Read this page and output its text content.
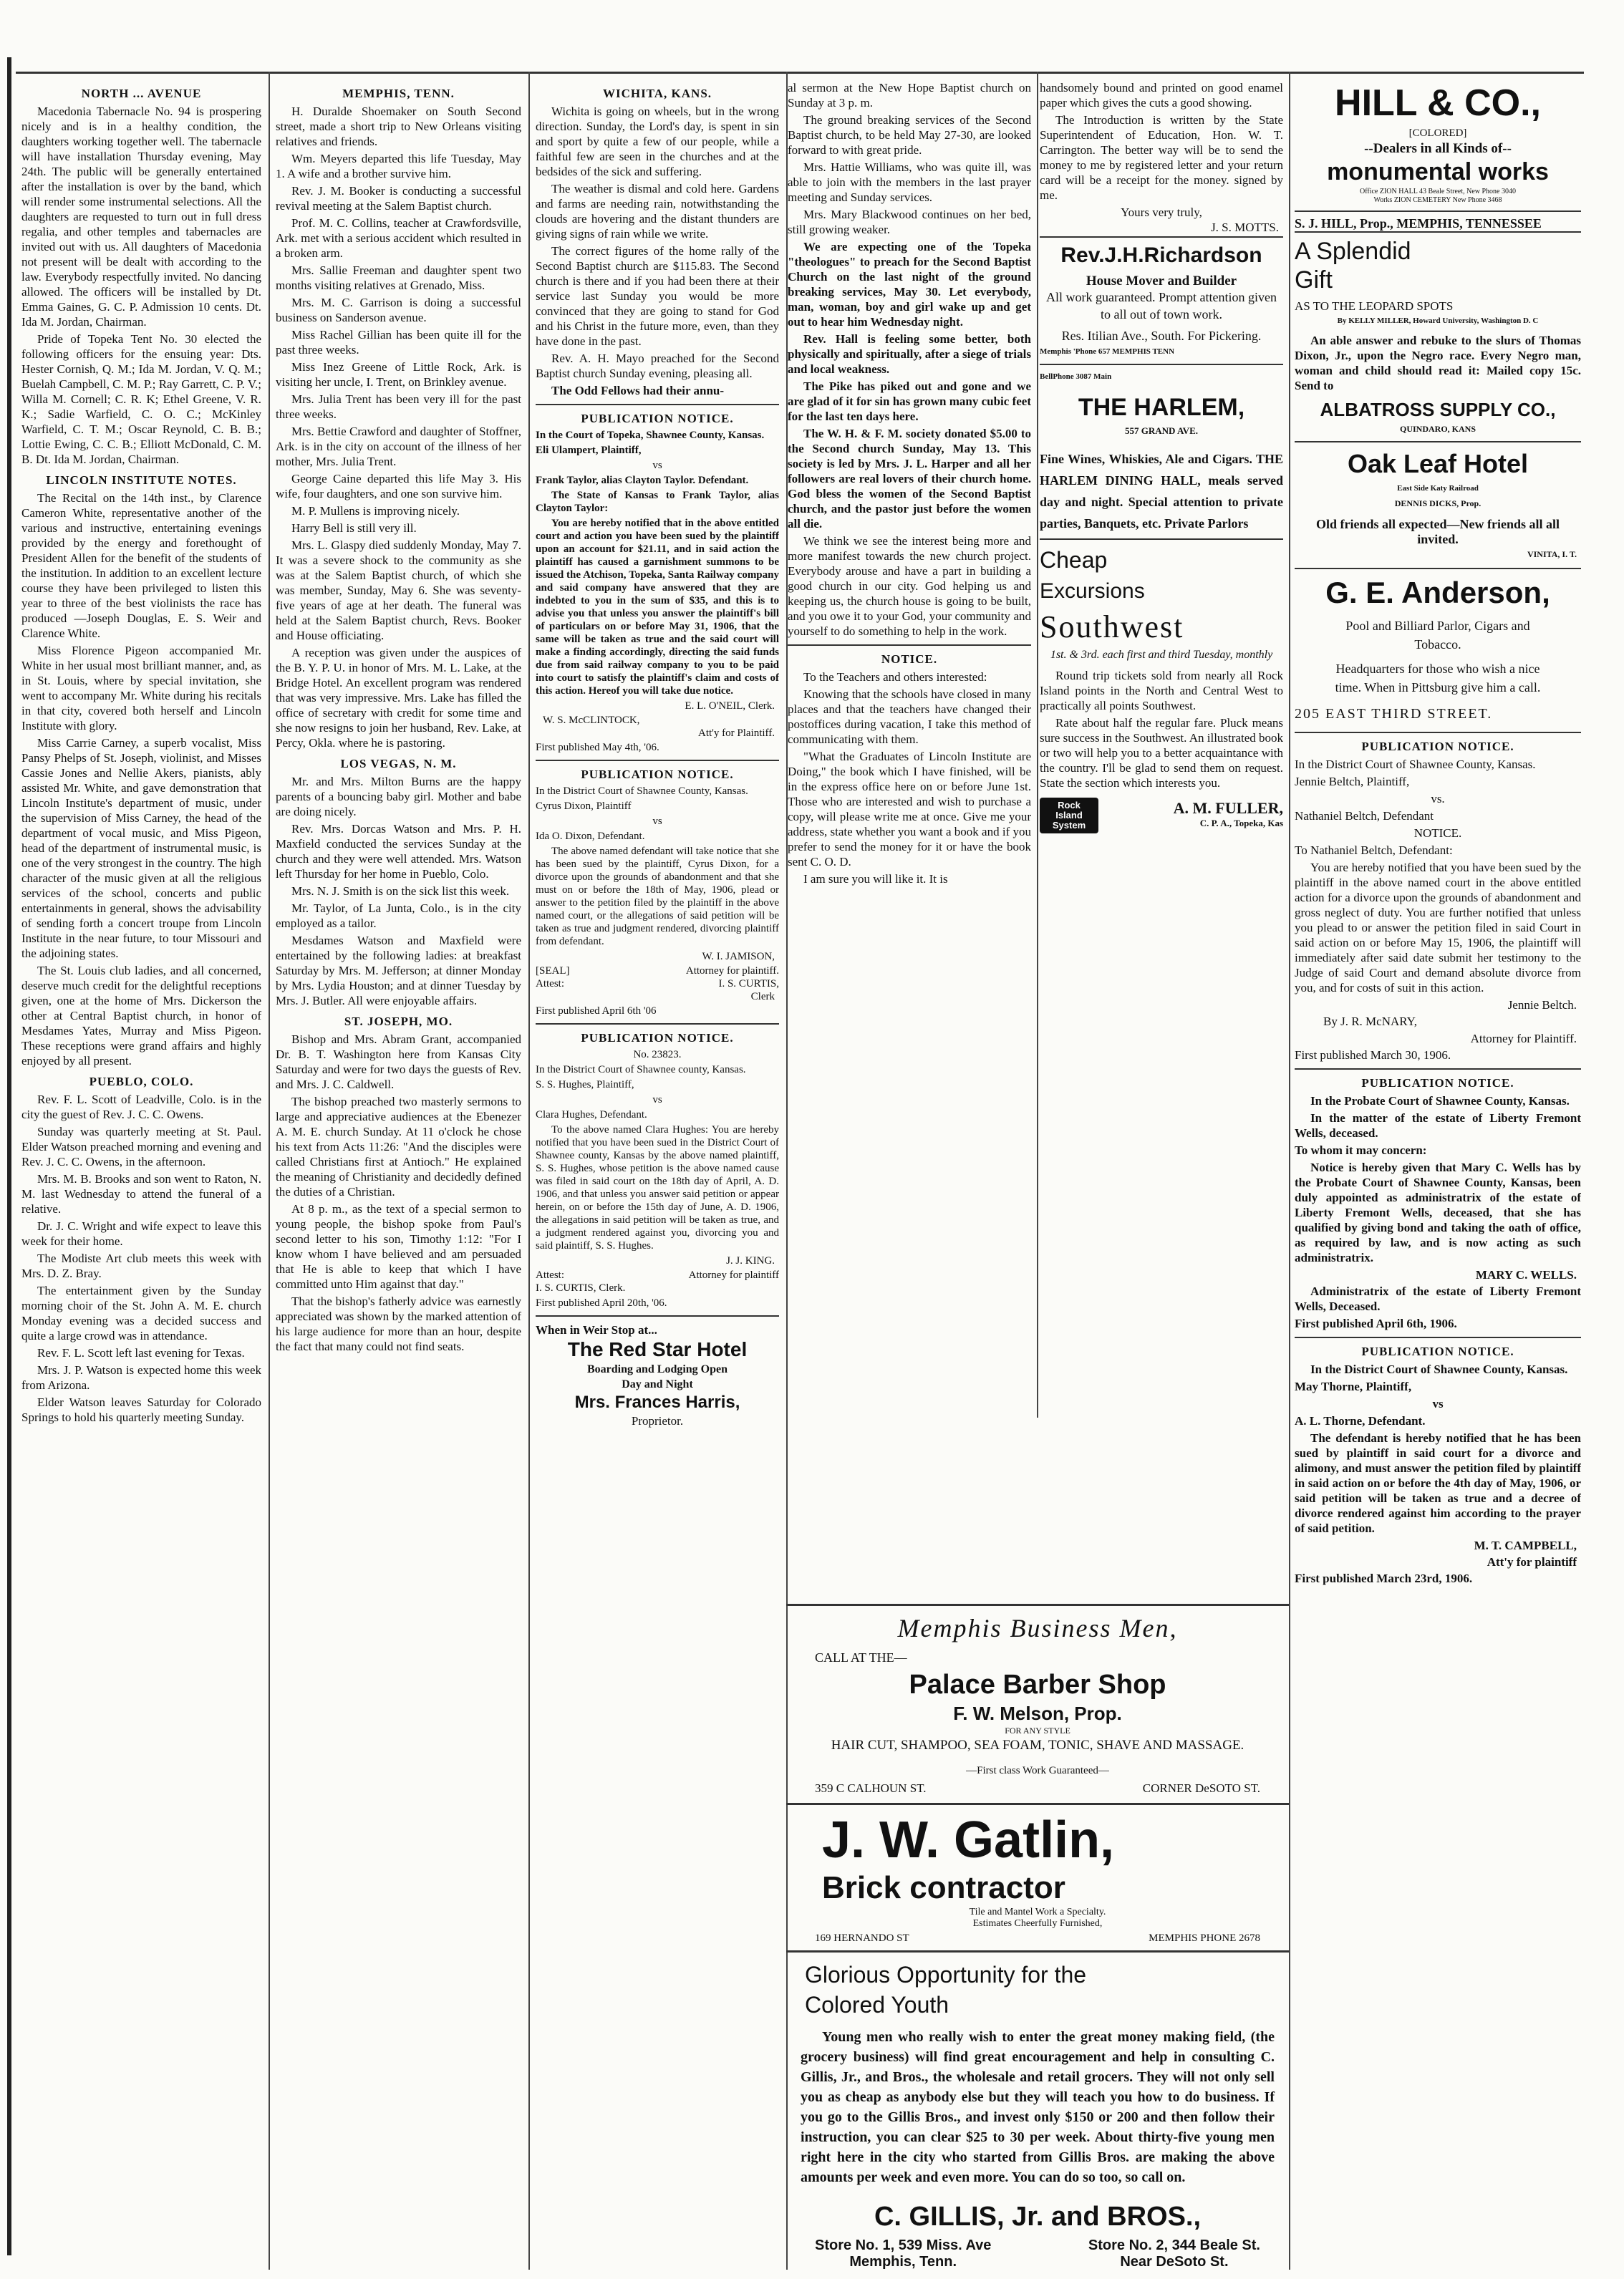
NORTH ... AVENUE

Macedonia Tabernacle No. 94 is prospering nicely and is in a healthy condition, the daughters working together well. The tabernacle will have installation Thursday evening, May 24th. The public will be generally entertained after the installation is over by the band, which will render some instrumental selections. All the daughters are requested to turn out in full dress regalia, and other temples and tabernacles are invited out with us. All daughters of Macedonia not present will be dealt with according to the law. Everybody respectfully invited. No dancing allowed. The officers will be installed by Dt. Emma Gaines, G. C. P. Admission 10 cents. Dt. Ida M. Jordan, Chairman.

Pride of Topeka Tent No. 30 elected the following officers for the ensuing year: Dts. Hester Cornish, Q. M.; Ida M. Jordan, V. Q. M.; Buelah Campbell, C. M. P.; Ray Garrett, C. P. V.; Willa M. Cornell; C. R. K; Ethel Greene, V. R. K.; Sadie Warfield, C. O. C.; McKinley Warfield, C. T. M.; Oscar Reynold, C. B. B.; Lottie Ewing, C. C. B.; Elliott McDonald, C. M. B. Dt. Ida M. Jordan, Chairman.

LINCOLN INSTITUTE NOTES.

The Recital on the 14th inst., by Clarence Cameron White, representative another of the various and instructive, entertaining evenings provided by the energy and forethought of President Allen for the benefit of the students of the institution. In addition to an excellent lecture course they have been privileged to listen this year to three of the best violinists the race has produced —Joseph Douglas, E. S. Weir and Clarence White.

Miss Florence Pigeon accompanied Mr. White in her usual most brilliant manner, and, as in St. Louis, where by special invitation, she went to accompany Mr. White during his recitals in that city, covered both herself and Lincoln Institute with glory.

Miss Carrie Carney, a superb vocalist, Miss Pansy Phelps of St. Joseph, violinist, and Misses Cassie Jones and Nellie Akers, pianists, ably assisted Mr. White, and gave demonstration that Lincoln Institute's department of music, under the supervision of Miss Carney, the head of the department of vocal music, and Miss Pigeon, head of the department of instrumental music, is one of the very strongest in the country. The high character of the music given at all the religious services of the school, concerts and public entertainments in general, shows the advisability of sending forth a concert troupe from Lincoln Institute in the near future, to tour Missouri and the adjoining states.

The St. Louis club ladies, and all concerned, deserve much credit for the delightful receptions given, one at the home of Mrs. Dickerson the other at Central Baptist church, in honor of Mesdames Yates, Murray and Miss Pigeon. These receptions were grand affairs and highly enjoyed by all present.

PUEBLO, COLO.

Rev. F. L. Scott of Leadville, Colo. is in the city the guest of Rev. J. C. C. Owens.

Sunday was quarterly meeting at St. Paul. Elder Watson preached morning and evening and Rev. J. C. C. Owens, in the afternoon.

Mrs. M. B. Brooks and son went to Raton, N. M. last Wednesday to attend the funeral of a relative.

Dr. J. C. Wright and wife expect to leave this week for their home.

The Modiste Art club meets this week with Mrs. D. Z. Bray.

The entertainment given by the Sunday morning choir of the St. John A. M. E. church Monday evening was a decided success and quite a large crowd was in attendance.

Rev. F. L. Scott left last evening for Texas.

Mrs. J. P. Watson is expected home this week from Arizona.

Elder Watson leaves Saturday for Colorado Springs to hold his quarterly meeting Sunday.

MEMPHIS, TENN.

H. Duralde Shoemaker on South Second street, made a short trip to New Orleans visiting relatives and friends.

Wm. Meyers departed this life Tuesday, May 1. A wife and a brother survive him.

Rev. J. M. Booker is conducting a successful revival meeting at the Salem Baptist church.

Prof. M. C. Collins, teacher at Crawfordsville, Ark. met with a serious accident which resulted in a broken arm.

Mrs. Sallie Freeman and daughter spent two months visiting relatives at Grenado, Miss.

Mrs. M. C. Garrison is doing a successful business on Sanderson avenue.

Miss Rachel Gillian has been quite ill for the past three weeks.

Miss Inez Greene of Little Rock, Ark. is visiting her uncle, I. Trent, on Brinkley avenue.

Mrs. Julia Trent has been very ill for the past three weeks.

Mrs. Bettie Crawford and daughter of Stoffner, Ark. is in the city on account of the illness of her mother, Mrs. Julia Trent.

George Caine departed this life May 3. His wife, four daughters, and one son survive him.

M. P. Mullens is improving nicely.

Harry Bell is still very ill.

Mrs. L. Glaspy died suddenly Monday, May 7. It was a severe shock to the community as she was at the Salem Baptist church, of which she was member, Sunday, May 6. She was seventy-five years of age at her death. The funeral was held at the Salem Baptist church, Revs. Booker and House officiating.

A reception was given under the auspices of the B. Y. P. U. in honor of Mrs. M. L. Lake, at the Bridge Hotel. An excellent program was rendered that was very impressive. Mrs. Lake has filled the office of secretary with credit for some time and she now resigns to join her husband, Rev. Lake, at Percy, Okla. where he is pastoring.

LOS VEGAS, N. M.

Mr. and Mrs. Milton Burns are the happy parents of a bouncing baby girl. Mother and babe are doing nicely.

Rev. Mrs. Dorcas Watson and Mrs. P. H. Maxfield conducted the services Sunday at the church and they were well attended. Mrs. Watson left Thursday for her home in Pueblo, Colo.

Mrs. N. J. Smith is on the sick list this week.

Mr. Taylor, of La Junta, Colo., is in the city employed as a tailor.

Mesdames Watson and Maxfield were entertained by the following ladies: at breakfast Saturday by Mrs. M. Jefferson; at dinner Monday by Mrs. Lydia Houston; and at dinner Tuesday by Mrs. J. Butler. All were enjoyable affairs.

ST. JOSEPH, MO.

Bishop and Mrs. Abram Grant, accompanied Dr. B. T. Washington here from Kansas City Saturday and were for two days the guests of Rev. and Mrs. J. C. Caldwell.

The bishop preached two masterly sermons to large and appreciative audiences at the Ebenezer A. M. E. church Sunday. At 11 o'clock he chose his text from Acts 11:26: "And the disciples were called Christians first at Antioch." He explained the meaning of Christianity and decidedly defined the duties of a Christian.

At 8 p. m., as the text of a special sermon to young people, the bishop spoke from Paul's second letter to his son, Timothy 1:12: "For I know whom I have believed and am persuaded that He is able to keep that which I have committed unto Him against that day."

That the bishop's fatherly advice was earnestly appreciated was shown by the marked attention of his large audience for more than an hour, despite the fact that many could not find seats.

WICHITA, KANS.

Wichita is going on wheels, but in the wrong direction. Sunday, the Lord's day, is spent in sin and sport by quite a few of our people, while a faithful few are seen in the churches and at the bedsides of the sick and suffering.

The weather is dismal and cold here. Gardens and farms are needing rain, notwithstanding the clouds are hovering and the distant thunders are giving signs of rain while we write.

The correct figures of the home rally of the Second Baptist church are $115.83. The Second church is there and if you had been there at their service last Sunday you would be more convinced that they are going to stand for God and his Christ in the future more, even, than they have done in the past.

Rev. A. H. Mayo preached for the Second Baptist church Sunday evening, pleasing all.

The Odd Fellows had their annu-

PUBLICATION NOTICE.

In the Court of Topeka, Shawnee County, Kansas.

Eli Ulampert, Plaintiff,

vs

Frank Taylor, alias Clayton Taylor. Defendant.

The State of Kansas to Frank Taylor, alias Clayton Taylor:

You are hereby notified that in the above entitled court and action you have been sued by the plaintiff upon an account for $21.11, and in said action the plaintiff has caused a garnishment summons to be issued the Atchison, Topeka, Santa Railway company and said company have answered that they are indebted to you in the sum of $35, and this is to advise you that unless you answer the plaintiff's bill of particulars on or before May 31, 1906, that the same will be taken as true and the said court will make a finding accordingly, directing the said funds due from said railway company to you to be paid into court to satisfy the plaintiff's claim and costs of this action. Hereof you will take due notice.

E. L. O'NEIL, Clerk.
W. S. McCLINTOCK,
Att'y for Plaintiff.

First published May 4th, '06.

PUBLICATION NOTICE.

In the District Court of Shawnee County, Kansas.

Cyrus Dixon, Plaintiff

vs

Ida O. Dixon, Defendant.

The above named defendant will take notice that she has been sued by the plaintiff, Cyrus Dixon, for a divorce upon the grounds of abandonment and that she must on or before the 18th of May, 1906, plead or answer to the petition filed by the plaintiff in the above named court, or the allegations of said petition will be taken as true and judgment rendered, divorcing plaintiff from defendant.

W. I. JAMISON,
[SEAL]	Attorney for plaintiff.
Attest:	I. S. CURTIS,
Clerk

First published April 6th '06

PUBLICATION NOTICE.

No. 23823.

In the District Court of Shawnee county, Kansas.

S. S. Hughes, Plaintiff,

vs

Clara Hughes, Defendant.

To the above named Clara Hughes: You are hereby notified that you have been sued in the District Court of Shawnee county, Kansas by the above named plaintiff, S. S. Hughes, whose petition is the above named cause was filed in said court on the 18th day of April, A. D. 1906, and that unless you answer said petition or appear herein, on or before the 15th day of June, A. D. 1906, the allegations in said petition will be taken as true, and a judgment rendered against you, divorcing you and said plaintiff, S. S. Hughes.

J. J. KING.
Attest:	Attorney for plaintiff

I. S. CURTIS, Clerk.

First published April 20th, '06.

When in Weir Stop at...
The Red Star Hotel
Boarding and Lodging Open Day and Night
Mrs. Frances Harris,
Proprietor.

al sermon at the New Hope Baptist church on Sunday at 3 p. m.

The ground breaking services of the Second Baptist church, to be held May 27-30, are looked forward to with great pride.

Mrs. Hattie Williams, who was quite ill, was able to join with the members in the last prayer meeting and Sunday services.

Mrs. Mary Blackwood continues on her bed, still growing weaker.

We are expecting one of the Topeka "theologues" to preach for the Second Baptist Church on the last night of the ground breaking services, May 30. Let everybody, man, woman, boy and girl wake up and get out to hear him Wednesday night.

Rev. Hall is feeling some better, both physically and spiritually, after a siege of trials and local weakness.

The Pike has piked out and gone and we are glad of it for sin has grown many cubic feet for the last ten days here.

The W. H. & F. M. society donated $5.00 to the Second church Sunday, May 13. This society is led by Mrs. J. L. Harper and all her followers are real lovers of their church home. God bless the women of the Second Baptist church, and the pastor just before the women all die.

We think we see the interest being more and more manifest towards the new church project. Everybody arouse and have a part in building a good church in our city. God helping us and keeping us, the church house is going to be built, and you owe it to your God, your community and yourself to do something to help in the work.

NOTICE.

To the Teachers and others interested:

Knowing that the schools have closed in many places and that the teachers have changed their postoffices during vacation, I take this method of communicating with them.

"What the Graduates of Lincoln Institute are Doing," the book which I have finished, will be in the express office here on or before June 1st. Those who are interested and wish to purchase a copy, will please write me at once. Give me your address, state whether you want a book and if you prefer to send the money for it or have the book sent C. O. D.

I am sure you will like it. It is

handsomely bound and printed on good enamel paper which gives the cuts a good showing.

The Introduction is written by the State Superintendent of Education, Hon. W. T. Carrington. The better way will be to send the money to me by registered letter and your return card will be a receipt for the money. signed by me.

Yours very truly,
J. S. MOTTS.
Rev.J.H.Richardson
House Mover and Builder
All work guaranteed. Prompt attention given to all out of town work.
Res. Itilian Ave., South. For Pickering.
Memphis 'Phone 657 MEMPHIS TENN
BellPhone 3087 Main
THE HARLEM,
557 GRAND AVE.
Fine Wines, Whiskies, Ale and Cigars. THE HARLEM DINING HALL, meals served day and night. Special attention to private parties, Banquets, etc. Private Parlors
Cheap
Excursions
Southwest
1st. & 3rd. each first and third Tuesday, monthly

Round trip tickets sold from nearly all Rock Island points in the North and Central West to practically all points Southwest.

Rate about half the regular fare. Pluck means sure success in the Southwest. An illustrated book or two will help you to a better acquaintance with the country. I'll be glad to send them on request. State the section which interests you.

Rock Island System
A. M. FULLER,
C. P. A., Topeka, Kas
HILL & CO.,
[COLORED]
--Dealers in all Kinds of--
monumental works
Office ZION HALL 43 Beale Street, New Phone 3040
Works ZION CEMETERY New Phone 3468
S. J. HILL, Prop., MEMPHIS, TENNESSEE
A Splendid
Gift
AS TO THE LEOPARD SPOTS
By KELLY MILLER, Howard University, Washington D. C

An able answer and rebuke to the slurs of Thomas Dixon, Jr., upon the Negro race. Every Negro man, woman and child should read it: Mailed copy 15c. Send to

ALBATROSS SUPPLY CO.,
QUINDARO, KANS
Oak Leaf Hotel
East Side Katy Railroad
DENNIS DICKS, Prop.
Old friends all expected—New friends all all invited.
VINITA, I. T.
G. E. Anderson,
Pool and Billiard Parlor, Cigars and Tobacco.
Headquarters for those who wish a nice time. When in Pittsburg give him a call.
205 EAST THIRD STREET.
PUBLICATION NOTICE.

In the District Court of Shawnee County, Kansas.

Jennie Beltch, Plaintiff,

vs.

Nathaniel Beltch, Defendant

NOTICE.

To Nathaniel Beltch, Defendant:

You are hereby notified that you have been sued by the plaintiff in the above named court in the above entitled action for a divorce upon the grounds of abandonment and gross neglect of duty. You are further notified that unless you plead to or answer the petition filed in said Court in said action on or before May 15, 1906, the plaintiff will immediately after said date submit her testimony to the Judge of said Court and demand absolute divorce from you, and for costs of suit in this action.

Jennie Beltch.

By J. R. McNARY,

Attorney for Plaintiff.

First published March 30, 1906.

PUBLICATION NOTICE.

In the Probate Court of Shawnee County, Kansas.

In the matter of the estate of Liberty Fremont Wells, deceased.

To whom it may concern:

Notice is hereby given that Mary C. Wells has by the Probate Court of Shawnee County, Kansas, been duly appointed as administratrix of the estate of Liberty Fremont Wells, deceased, that she has qualified by giving bond and taking the oath of office, as required by law, and is now acting as such administratrix.

MARY C. WELLS.

Administratrix of the estate of Liberty Fremont Wells, Deceased.

First published April 6th, 1906.

PUBLICATION NOTICE.

In the District Court of Shawnee County, Kansas.

May Thorne, Plaintiff,

vs

A. L. Thorne, Defendant.

The defendant is hereby notified that he has been sued by plaintiff in said court for a divorce and alimony, and must answer the petition filed by plaintiff in said action on or before the 4th day of May, 1906, or said petition will be taken as true and a decree of divorce rendered against him according to the prayer of said petition.

M. T. CAMPBELL,
Att'y for plaintiff

First published March 23rd, 1906.

Memphis Business Men,
CALL AT THE—
Palace Barber Shop
F. W. Melson, Prop.
FOR ANY STYLE
HAIR CUT, SHAMPOO, SEA FOAM, TONIC, SHAVE AND MASSAGE.
—First class Work Guaranteed—
359 C CALHOUN ST.	CORNER DeSOTO ST.
J. W. Gatlin,
Brick contractor
Tile and Mantel Work a Specialty.
Estimates Cheerfully Furnished,
169 HERNANDO ST	MEMPHIS PHONE 2678
Glorious Opportunity for the
Colored Youth

Young men who really wish to enter the great money making field, (the grocery business) will find great encouragement and help in consulting C. Gillis, Jr., and Bros., the wholesale and retail grocers. They will not only sell you as cheap as anybody else but they will teach you how to do business. If you go to the Gillis Bros., and invest only $150 or 200 and then follow their instruction, you can clear $25 to 30 per week. About thirty-five young men right here in the city who started from Gillis Bros. are making the above amounts per week and even more. You can do so too, so call on.

C. GILLIS, Jr. and BROS.,
Store No. 1, 539 Miss. Ave
Memphis, Tenn.
Store No. 2, 344 Beale St.
Near DeSoto St.
